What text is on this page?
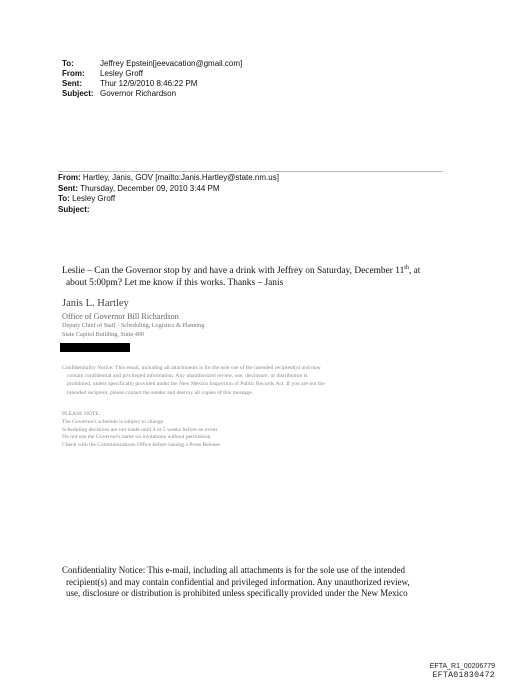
To:	Jeffrey Epstein[jeevacation@gmail.com]
From:	Lesley Groff
Sent:	Thur 12/9/2010 8:46:22 PM
Subject: Governor Richardson
From: Hartley, Janis, GOV [mailto:Janis.Hartley@state.nm.us]
Sent: Thursday, December 09, 2010 3:44 PM
To: Lesley Groff
Subject:
Leslie – Can the Governor stop by and have a drink with Jeffrey on Saturday, December 11th, at
about 5:00pm? Let me know if this works. Thanks – Janis
Janis L. Hartley
Office of Governor Bill Richardson
Deputy Chief of Staff - Scheduling, Logistics & Planning
State Capitol Building, Suite 400
Confidentiality Notice: This email, including all attachments is for the sole use of the intended recipient(s) and may
contain confidential and privileged information. Any unauthorized review, use, disclosure, or distribution is
prohibited, unless specifically provided under the New Mexico Inspection of Public Records Act. If you are not the
intended recipient, please contact the sender and destroy all copies of this message.
PLEASE NOTE:
The Governor's schedule is subject to change.
Scheduling decisions are not made until 4 or 5 weeks before an event.
Do not use the Governor's name on invitations without permission.
Check with the Communications Office before issuing a Press Release.
Confidentiality Notice: This e-mail, including all attachments is for the sole use of the intended
recipient(s) and may contain confidential and privileged information. Any unauthorized review,
use, disclosure or distribution is prohibited unless specifically provided under the New Mexico
EFTA_R1_00206779
EFTA01830472
